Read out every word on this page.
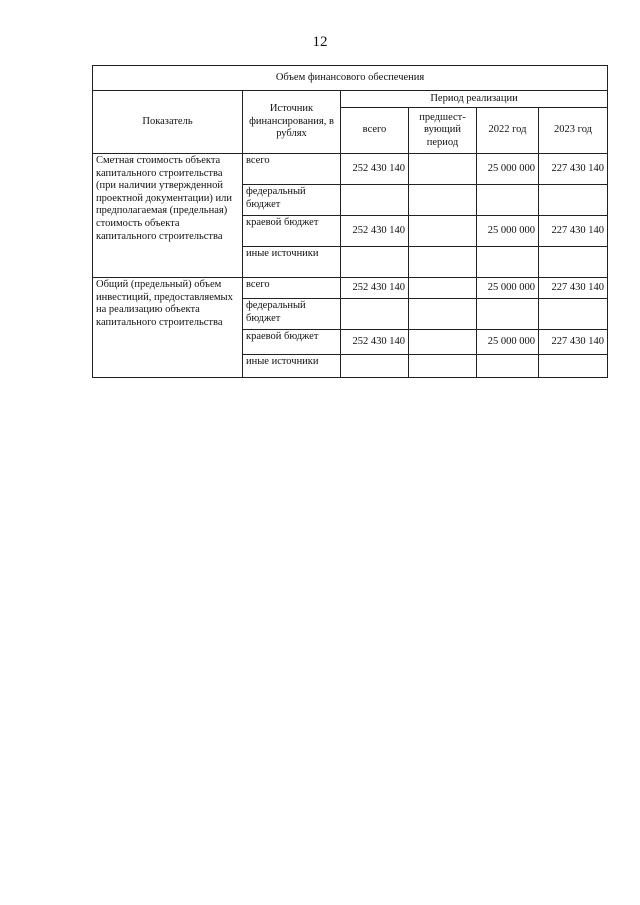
12
Объем финансового обеспечения					
Показатель	Источник финансирования, в рублях	Период реализации			
		всего	предшест-вующий период	2022 год	2023 год
Сметная стоимость объекта капитального строительства (при наличии утвержденной проектной документации) или предполагаемая (предельная) стоимость объекта капитального строительства	всего	252 430 140		25 000 000	227 430 140
	федеральный бюджет				
	краевой бюджет	252 430 140		25 000 000	227 430 140
	иные источники				
Общий (предельный) объем инвестиций, предоставляемых на реализацию объекта капитального строительства	всего	252 430 140		25 000 000	227 430 140
	федеральный бюджет				
	краевой бюджет	252 430 140		25 000 000	227 430 140
	иные источники				
